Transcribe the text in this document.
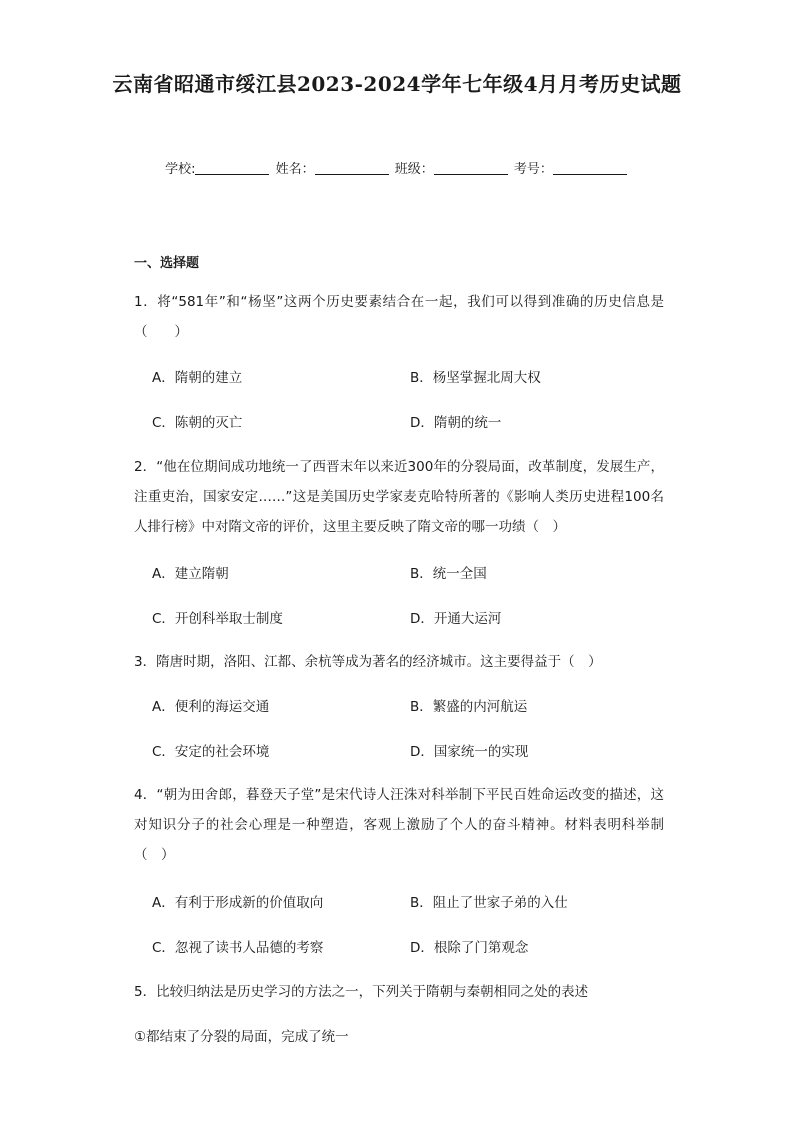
云南省昭通市绥江县2023-2024学年七年级4月月考历史试题
学校:	姓名：	班级：	考号：
一、选择题
1．将“581年”和“杨坚”这两个历史要素结合在一起，我们可以得到准确的历史信息是（　　）
A．隋朝的建立	B．杨坚掌握北周大权
C．陈朝的灭亡	D．隋朝的统一
2．“他在位期间成功地统一了西晋末年以来近300年的分裂局面，改革制度，发展生产，注重吏治，国家安定……”这是美国历史学家麦克哈特所著的《影响人类历史进程100名人排行榜》中对隋文帝的评价，这里主要反映了隋文帝的哪一功绩（　）
A．建立隋朝	B．统一全国
C．开创科举取士制度	D．开通大运河
3．隋唐时期，洛阳、江都、余杭等成为著名的经济城市。这主要得益于（　）
A．便利的海运交通	B．繁盛的内河航运
C．安定的社会环境	D．国家统一的实现
4．“朝为田舍郎，暮登天子堂”是宋代诗人汪洙对科举制下平民百姓命运改变的描述，这对知识分子的社会心理是一种塑造，客观上激励了个人的奋斗精神。材料表明科举制（　）
A．有利于形成新的价值取向	B．阻止了世家子弟的入仕
C．忽视了读书人品德的考察	D．根除了门第观念
5．比较归纳法是历史学习的方法之一，下列关于隋朝与秦朝相同之处的表述
①都结束了分裂的局面，完成了统一
